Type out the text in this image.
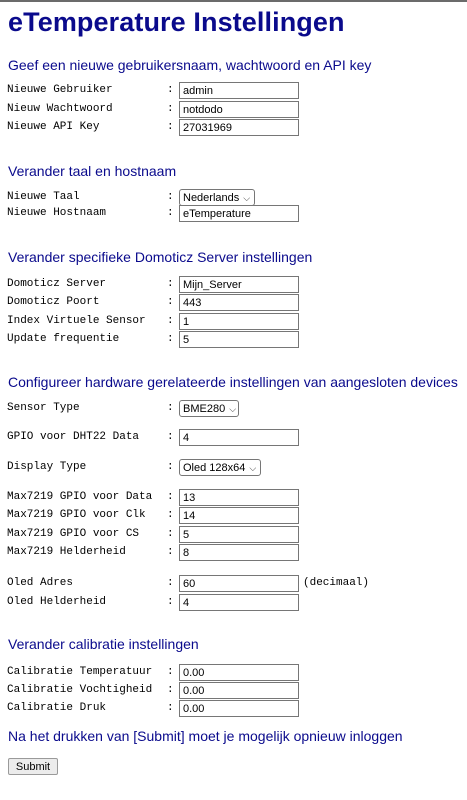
eTemperature Instellingen
Geef een nieuwe gebruikersnaam, wachtwoord en API key
Nieuwe Gebruiker	:
admin
Nieuw Wachtwoord	:
notdodo
Nieuwe API Key	:
27031969
Verander taal en hostnaam
Nieuwe Taal	: Nederlands ⌵
Nieuwe Hostnaam	:
eTemperature
Verander specifieke Domoticz Server instellingen
Domoticz Server	:
Mijn_Server
Domoticz Poort	:
443
Index Virtuele Sensor :
1
Update frequentie	:
5
Configureer hardware gerelateerde instellingen van aangesloten devices
Sensor Type	: BME280 ⌵
GPIO voor DHT22 Data	:
4
Display Type	: Oled 128x64 ⌵
Max7219 GPIO voor Data :
13
Max7219 GPIO voor Clk :
14
Max7219 GPIO voor CS	:
5
Max7219 Helderheid	:
8
Oled Adres	:
60	(decimaal)
Oled Helderheid	:
4
Verander calibratie instellingen
Calibratie Temperatuur :
0.00
Calibratie Vochtigheid :
0.00
Calibratie Druk	:
0.00
Na het drukken van [Submit] moet je mogelijk opnieuw inloggen
Submit
